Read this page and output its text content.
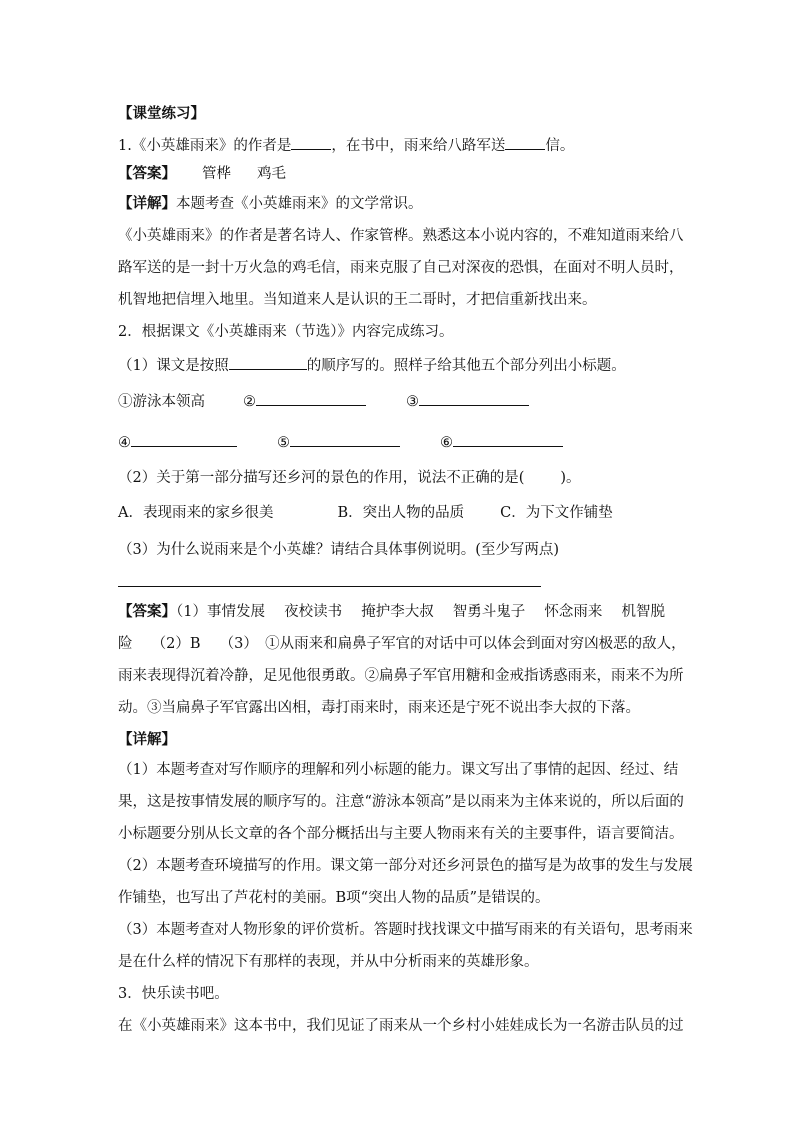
【课堂练习】
1.《小英雄雨来》的作者是	，在书中，雨来给八路军送	信。
【答案】 管桦 鸡毛
【详解】本题考查《小英雄雨来》的文学常识。
《小英雄雨来》的作者是著名诗人、作家管桦。熟悉这本小说内容的，不难知道雨来给八
路军送的是一封十万火急的鸡毛信，雨来克服了自己对深夜的恐惧，在面对不明人员时，
机智地把信埋入地里。当知道来人是认识的王二哥时，才把信重新找出来。
2．根据课文《小英雄雨来（节选）》内容完成练习。
（1）课文是按照	的顺序写的。照样子给其他五个部分列出小标题。
①游泳本领高	②	③
④	⑤	⑥
（2）关于第一部分描写还乡河的景色的作用，说法不正确的是( )。
A．表现雨来的家乡很美	B．突出人物的品质 C．为下文作铺垫
（3）为什么说雨来是个小英雄？请结合具体事例说明。(至少写两点)
【答案】（1）事情发展　 夜校读书　 掩护李大叔　 智勇斗鬼子　 怀念雨来　 机智脱
险　 （2）B　 （3）　①从雨来和扁鼻子军官的对话中可以体会到面对穷凶极恶的敌人，
雨来表现得沉着冷静，足见他很勇敢。②扁鼻子军官用糖和金戒指诱惑雨来，雨来不为所
动。③当扁鼻子军官露出凶相，毒打雨来时，雨来还是宁死不说出李大叔的下落。
【详解】
（1）本题考查对写作顺序的理解和列小标题的能力。课文写出了事情的起因、经过、结
果，这是按事情发展的顺序写的。注意“游泳本领高”是以雨来为主体来说的，所以后面的
小标题要分别从长文章的各个部分概括出与主要人物雨来有关的主要事件，语言要简洁。
（2）本题考查环境描写的作用。课文第一部分对还乡河景色的描写是为故事的发生与发展
作铺垫，也写出了芦花村的美丽。B项“突出人物的品质”是错误的。
（3）本题考查对人物形象的评价赏析。答题时找找课文中描写雨来的有关语句，思考雨来
是在什么样的情况下有那样的表现，并从中分析雨来的英雄形象。
3．快乐读书吧。
在《小英雄雨来》这本书中，我们见证了雨来从一个乡村小娃娃成长为一名游击队员的过
